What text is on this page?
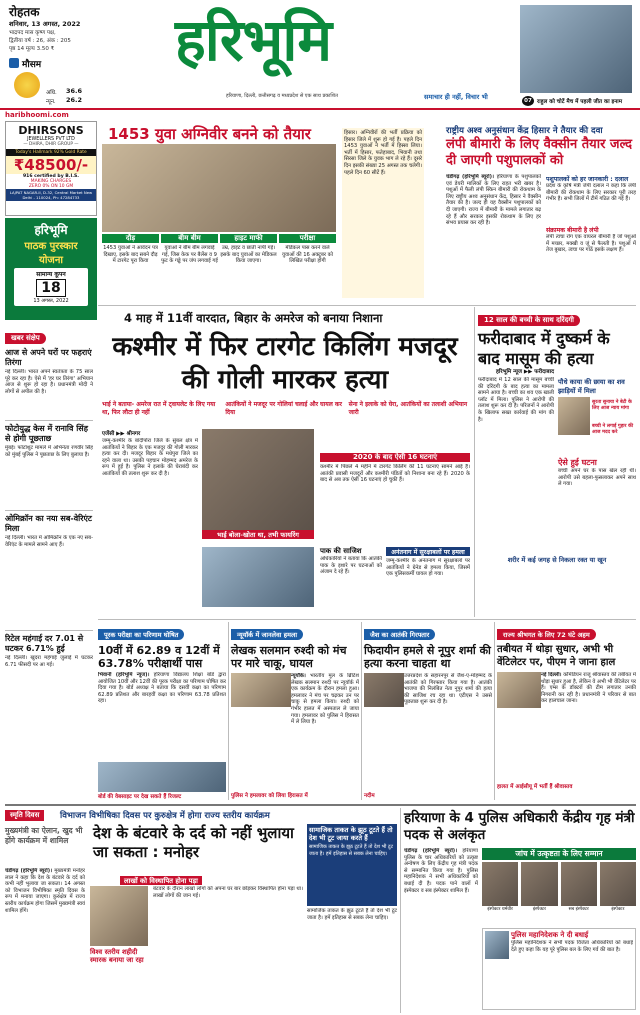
रोहतक
शनिवार, 13 अगस्त, 2022
भाद्रपद मास कृष्ण पक्ष,
द्वितीया वर्ष : 26, अंक : 205
पृष्ठ 14 मूल्य 3.50 ₹
मौसम
अधि. 36.6
न्यून. 26.2
हरिभूमि
हरियाणा, दिल्ली, छत्तीसगढ़ व मध्यप्रदेश से एक साथ प्रकाशित	समाचार ही नहीं, विचार भी	07 राहुल को चोटें मैच में पहली जीत का इनाम
haribhoomi.com
DHIRSONS
JEWELLERS PVT LTD
— DHIRA, DHIR GROUP —
Today's Hallmark 92% Gold Rate
₹48500/-
916 certified by B.I.S.
MAKING CHARGES
ZERO 0% ON 10 GM
LAJPAT NAGAR-II, D-32, Central Market New Delhi - 110024, Ph: 47284733
हरिभूमि
पाठक पुरस्कार
योजना
सामान्य कूपन
18
13 अगस्त, 2022
खबर संक्षेप
आज से अपने घरों पर फहराएं तिरंगा
नई दिल्ली। भारत अपने स्वतंत्रता के 75 साल पूरे कर रहा है। ऐसे में 'हर घर तिरंगा' अभियान आज से शुरू हो रहा है। प्रधानमंत्री मोदी ने लोगों से अपील की है।
फोटोयुद्ध केस में रानावि सिंह से होगी पूछताछ
मुंबई। फोटोशूट मामले में अभिनेता रणवीर सिंह को मुंबई पुलिस ने पूछताछ के लिए बुलाया है।
ओमिक्रॉन का नया सब-वेरिएंट मिला
नई दिल्ली। भारत में ओमिक्रॉन के एक नए सब-वेरिएंट के मामले सामने आए हैं।
रिटेल महंगाई दर 7.01 से घटकर 6.71% हुई
नई दिल्ली। खुदरा महंगाई जुलाई में घटकर 6.71 फीसदी पर आ गई।
1453 युवा अग्निवीर बनने को तैयार
दौड़
1453 युवाओं ने आवेदन पत्र दिखाए, इसके बाद सबने दौड़ में टारगेट पूरा किया
बीम बीम
युवाओं ने बीम बीम लगवाई गई, जिस केक पर बैलेंस व 9 फुट के गड्डे पर जंप लगवाई गई
हाइट माफी
उम्र, हाइट व छाती नापी गई। इसके बाद युवाओं का मेडिकल किया जाएगा।
परीक्षा
मेडिकल पास करने वाले युवाओं की 16 अक्टूबर को लिखित परीक्षा होगी
हिसार। अग्निवीरों की भर्ती प्रक्रिया को हिसार जिले में शुरू हो गई है। पहले दिन 1453 युवाओं ने भर्ती में हिस्सा लिया। भर्ती में हिसार, फतेहाबाद, भिवानी तथा सिरसा जिले के युवक भाग ले रहे हैं। दूसरे दिन इसकी संख्या 25 अगस्त तक चलेगी। पहले दिन 60 सीटें हैं।
राष्ट्रीय अश्व अनुसंधान केंद्र हिसार ने तैयार की दवा
लंपी बीमारी के लिए वैक्सीन तैयार जल्द दी जाएगी पशुपालकों को
चंडीगढ़ (हरिभूमि ब्यूरो)। हरियाणा के पशुपालकों एवं डेयरी मालिकों के लिए राहत भरी खबर है। पशुओं में फैली लंपी स्किन बीमारी की रोकथाम के लिए राष्ट्रीय अश्व अनुसंधान केंद्र, हिसार ने वैक्सीन तैयार की है। जल्द ही यह वैक्सीन पशुपालकों को दी जाएगी। राज्य में बीमारी के मामले लगातार बढ़ रहे हैं और सरकार इसकी रोकथाम के लिए हर संभव प्रयास कर रही है।
पशुपालकों को हर जानकारी : दलाल
प्रदेश के कृषि मंत्री जेपी दलाल ने कहा कि लंपी बीमारी की रोकथाम के लिए सरकार पूरी तरह गंभीर है। सभी जिलों में टीमें गठित की गई हैं।
संक्रामक बीमारी है लंपी
लंपी त्वचा रोग एक वायरल बीमारी है जो पशुओं में मच्छर, मक्खी व जूं से फैलती है। पशुओं में तेज बुखार, त्वचा पर गांठें इसके लक्षण हैं।
4 माह में 11वीं वारदात, बिहार के अमरेज को बनाया निशाना
कश्मीर में फिर टारगेट किलिंग मजदूर की गोली मारकर हत्या
भाई ने बताया- अमरेज रात में ट्वायलेट के लिए गया था, फिर लौटा ही नहीं
आतंकियों ने मजदूर पर गोलियां चलाई और घायल कर दिया
सेना ने इलाके को घेरा, आतंकियों का तलाशी अभियान जारी
एजेंसी ▶▶ श्रीनगर
जम्मू-कश्मीर के बांदीपोरा जिले के सुंबल क्षेत्र में आतंकियों ने बिहार के एक मजदूर की गोली मारकर हत्या कर दी। मजदूर बिहार के मधेपुरा जिले का रहने वाला था। उसकी पहचान मोहम्मद अमरेज के रूप में हुई है। पुलिस ने इलाके की घेराबंदी कर आतंकियों की तलाश शुरू कर दी है।
भाई बोला-खोता था, तभी फायरिंग
पाक की साजिश
अधिकारियों ने बताया कि आतंकी पाक के इशारे पर घटनाओं को अंजाम दे रहे हैं।
2020 के बाद ऐसी 16 घटनाएं
कश्मीर में पिछले 4 महीने में टारगेट किलिंग की 11 घटनाएं सामने आई हैं। आतंकी प्रवासी मजदूरों और कश्मीरी पंडितों को निशाना बना रहे हैं। 2020 के बाद से अब तक ऐसी 16 घटनाएं हो चुकी हैं।
अनंतनाग में सुरक्षाबलों पर हमला
जम्मू-कश्मीर के अनंतनाग में सुरक्षाबलों पर आतंकियों ने ग्रेनेड से हमला किया, जिसमें एक पुलिसकर्मी घायल हो गया।
12 साल की बच्ची के साथ दरिंदगी
फरीदाबाद में दुष्कर्म के बाद मासूम की हत्या
हरिभूमि न्यूज ▶▶ फरीदाबाद
फरीदाबाद में 12 साल की मासूम बच्ची की दरिंदगी के बाद हत्या का मामला सामने आया है। बच्ची का शव एक खाली प्लॉट में मिला। पुलिस ने आरोपी की तलाश शुरू कर दी है। परिजनों ने आरोपी के खिलाफ सख्त कार्रवाई की मांग की है।
पौधे काया की छाया का शव झाड़ियों में मिला
सुरता सुनाया ने बेटी के लिए आज न्याय मांगा
बच्ची ने लगाई गुहार की आज मदद करे
ऐसे हुई घटना
बच्ची अपने घर के पास खेल रही थी। आरोपी उसे बहला-फुसलाकर अपने साथ ले गया।
शरीर में कई जगह से निकला रक्त या खून
पूरक परीक्षा का परिणाम घोषित
10वीं में 62.89 व 12वीं में 63.78% परीक्षार्थी पास
भिवानी (हरिभूमि न्यूज)। हरियाणा विद्यालय शिक्षा बोर्ड द्वारा आयोजित 10वीं और 12वीं की पूरक परीक्षा का परिणाम घोषित कर दिया गया है। बोर्ड अध्यक्ष ने बताया कि दसवीं कक्षा का परिणाम 62.89 प्रतिशत और बारहवीं कक्षा का परिणाम 63.78 प्रतिशत रहा।
बोर्ड की वेबसाइट पर देख सकते हैं रिजल्ट
न्यूयॉर्क में जानलेवा हमला
लेखक सलमान रुश्दी को मंच पर मारे चाकू, घायल
न्यूयॉर्क। भारतीय मूल के ब्रिटिश लेखक सलमान रुश्दी पर न्यूयॉर्क में एक कार्यक्रम के दौरान हमला हुआ। हमलावर ने मंच पर चढ़कर उन पर चाकू से हमला किया। रुश्दी को गंभीर हालत में अस्पताल ले जाया गया। हमलावर को पुलिस ने हिरासत में ले लिया है।
पुलिस ने हमलावर को लिया हिरासत में
जैश का आतंकी गिरफ्तार
फिदायीन हमले से नूपुर शर्मा की हत्या करना चाहता था
उत्तरप्रदेश के सहारनपुर से जैश-ए-मोहम्मद के आतंकी को गिरफ्तार किया गया है। आतंकी भाजपा की निलंबित नेता नूपुर शर्मा की हत्या की साजिश रच रहा था। एटीएस ने उससे पूछताछ शुरू कर दी है।
नदीम
राज्य श्रीभगत के लिए 72 घंटे अहम
तबीयत में थोड़ा सुधार, अभी भी वेंटिलेटर पर, पीएम ने जाना हाल
नई दिल्ली। कॉमेडियन राजू श्रीवास्तव की तबीयत में थोड़ा सुधार हुआ है, लेकिन वे अभी भी वेंटिलेटर पर हैं। एम्स के डॉक्टरों की टीम लगातार उनकी निगरानी कर रही है। प्रधानमंत्री ने परिवार से बात कर हालचाल जाना।
हालत में आईसीयू में भर्ती हैं श्रीवास्तव
स्मृति दिवस	विभाजन विभीषिका दिवस पर कुरुक्षेत्र में होगा राज्य स्तरीय कार्यक्रम
मुख्यमंत्री का ऐलान, खुद भी होंगे कार्यक्रम में शामिल	देश के बंटवारे के दर्द को नहीं भुलाया जा सकता : मनोहर
चंडीगढ़ (हरिभूमि ब्यूरो)। मुख्यमंत्री मनोहर लाल ने कहा कि देश के बंटवारे के दर्द को कभी नहीं भुलाया जा सकता। 14 अगस्त को विभाजन विभीषिका स्मृति दिवस के रूप में मनाया जाएगा। कुरुक्षेत्र में राज्य स्तरीय कार्यक्रम होगा जिसमें मुख्यमंत्री स्वयं शामिल होंगे।
सामाजिक ताकत के झूठ टूटते हैं तो देश भी टूट जाया करते हैं
सामाजिक ताकत के झूठ टूटते हैं तो देश भी टूट जाता है। हमें इतिहास से सबक लेना चाहिए।
लाखों को विस्थापित होना पड़ा
विश्व स्तरीय शहीदी स्मारक बनाया जा रहा
बंटवारे के दौरान लाखों लोगों को अपना घर बार छोड़कर विस्थापित होना पड़ा था। लाखों लोगों की जान गई।
सामाजिक ताकत के झूठ टूटते हैं तो देश भी टूट जाता है। हमें इतिहास से सबक लेना चाहिए।
हरियाणा के 4 पुलिस अधिकारी केंद्रीय गृह मंत्री पदक से अलंकृत
चंडीगढ़ (हरिभूमि ब्यूरो)। हरियाणा पुलिस के चार अधिकारियों को उत्कृष्ट अन्वेषण के लिए केंद्रीय गृह मंत्री पदक से सम्मानित किया गया है। पुलिस महानिदेशक ने सभी अधिकारियों को बधाई दी है। पदक पाने वालों में इंस्पेक्टर व सब इंस्पेक्टर शामिल हैं।
जांच में उत्कृष्टता के लिए सम्मान
इंस्पेक्टर धर्मवीर	इंस्पेक्टर	सब इंस्पेक्टर	इंस्पेक्टर
पुलिस महानिदेशक ने दी बधाई
पुलिस महानिदेशक ने सभी पदक विजेता अधिकारियों को बधाई देते हुए कहा कि यह पूरे पुलिस बल के लिए गर्व की बात है।
